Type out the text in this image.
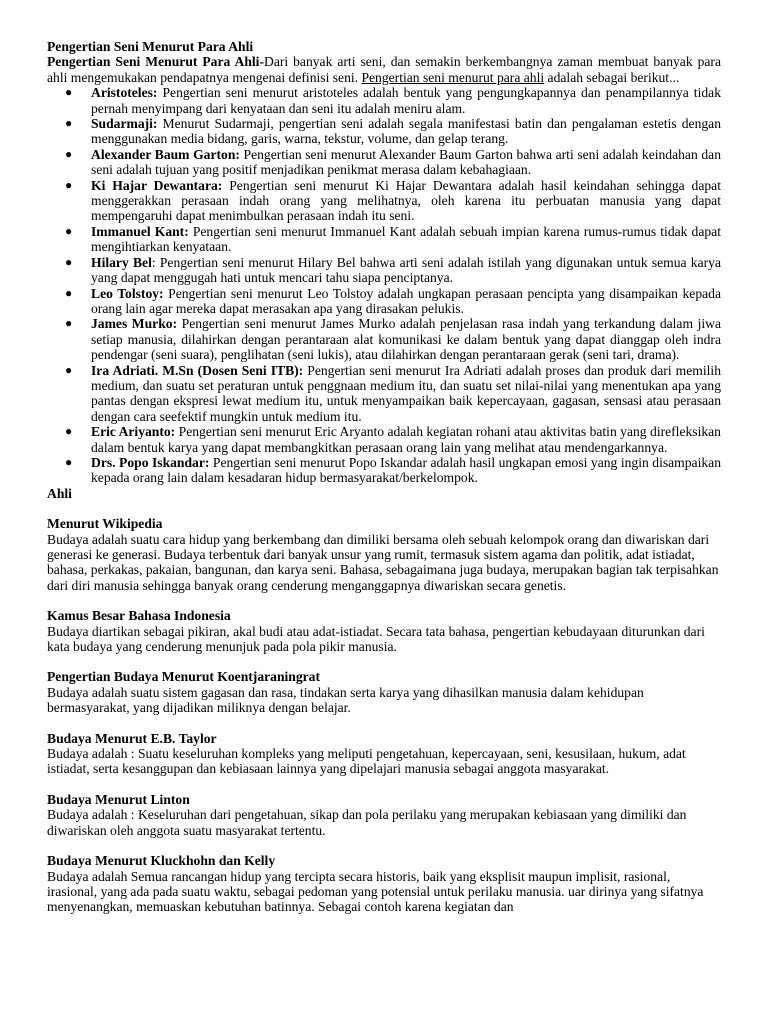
Pengertian Seni Menurut Para Ahli

Pengertian Seni Menurut Para Ahli-Dari banyak arti seni, dan semakin berkembangnya zaman membuat banyak para ahli mengemukakan pendapatnya mengenai definisi seni. Pengertian seni menurut para ahli adalah sebagai berikut...

● Aristoteles: Pengertian seni menurut aristoteles adalah bentuk yang pengungkapannya dan penampilannya tidak pernah menyimpang dari kenyataan dan seni itu adalah meniru alam.
● Sudarmaji: Menurut Sudarmaji, pengertian seni adalah segala manifestasi batin dan pengalaman estetis dengan menggunakan media bidang, garis, warna, tekstur, volume, dan gelap terang.
● Alexander Baum Garton: Pengertian seni menurut Alexander Baum Garton bahwa arti seni adalah keindahan dan seni adalah tujuan yang positif menjadikan penikmat merasa dalam kebahagiaan.
● Ki Hajar Dewantara: Pengertian seni menurut Ki Hajar Dewantara adalah hasil keindahan sehingga dapat menggerakkan perasaan indah orang yang melihatnya, oleh karena itu perbuatan manusia yang dapat mempengaruhi dapat menimbulkan perasaan indah itu seni.
● Immanuel Kant: Pengertian seni menurut Immanuel Kant adalah sebuah impian karena rumus-rumus tidak dapat mengihtiarkan kenyataan.
● Hilary Bel: Pengertian seni menurut Hilary Bel bahwa arti seni adalah istilah yang digunakan untuk semua karya yang dapat menggugah hati untuk mencari tahu siapa penciptanya.
● Leo Tolstoy: Pengertian seni menurut Leo Tolstoy adalah ungkapan perasaan pencipta yang disampaikan kepada orang lain agar mereka dapat merasakan apa yang dirasakan pelukis.
● James Murko: Pengertian seni menurut James Murko adalah penjelasan rasa indah yang terkandung dalam jiwa setiap manusia, dilahirkan dengan perantaraan alat komunikasi ke dalam bentuk yang dapat dianggap oleh indra pendengar (seni suara), penglihatan (seni lukis), atau dilahirkan dengan perantaraan gerak (seni tari, drama).
● Ira Adriati. M.Sn (Dosen Seni ITB): Pengertian seni menurut Ira Adriati adalah proses dan produk dari memilih medium, dan suatu set peraturan untuk penggnaan medium itu, dan suatu set nilai-nilai yang menentukan apa yang pantas dengan ekspresi lewat medium itu, untuk menyampaikan baik kepercayaan, gagasan, sensasi atau perasaan dengan cara seefektif mungkin untuk medium itu.
● Eric Ariyanto: Pengertian seni menurut Eric Aryanto adalah kegiatan rohani atau aktivitas batin yang direfleksikan dalam bentuk karya yang dapat membangkitkan perasaan orang lain yang melihat atau mendengarkannya.
● Drs. Popo Iskandar: Pengertian seni menurut Popo Iskandar adalah hasil ungkapan emosi yang ingin disampaikan kepada orang lain dalam kesadaran hidup bermasyarakat/berkelompok.

Ahli

Menurut Wikipedia

Budaya adalah suatu cara hidup yang berkembang dan dimiliki bersama oleh sebuah kelompok orang dan diwariskan dari generasi ke generasi. Budaya terbentuk dari banyak unsur yang rumit, termasuk sistem agama dan politik, adat istiadat, bahasa, perkakas, pakaian, bangunan, dan karya seni. Bahasa, sebagaimana juga budaya, merupakan bagian tak terpisahkan dari diri manusia sehingga banyak orang cenderung menganggapnya diwariskan secara genetis.

Kamus Besar Bahasa Indonesia

Budaya diartikan sebagai pikiran, akal budi atau adat-istiadat. Secara tata bahasa, pengertian kebudayaan diturunkan dari kata budaya yang cenderung menunjuk pada pola pikir manusia.

Pengertian Budaya Menurut Koentjaraningrat

Budaya adalah suatu sistem gagasan dan rasa, tindakan serta karya yang dihasilkan manusia dalam kehidupan bermasyarakat, yang dijadikan miliknya dengan belajar.

Budaya Menurut E.B. Taylor

Budaya adalah : Suatu keseluruhan kompleks yang meliputi pengetahuan, kepercayaan, seni, kesusilaan, hukum, adat istiadat, serta kesanggupan dan kebiasaan lainnya yang dipelajari manusia sebagai anggota masyarakat.

Budaya Menurut Linton

Budaya adalah : Keseluruhan dari pengetahuan, sikap dan pola perilaku yang merupakan kebiasaan yang dimiliki dan diwariskan oleh anggota suatu masyarakat tertentu.

Budaya Menurut Kluckhohn dan Kelly

Budaya adalah Semua rancangan hidup yang tercipta secara historis, baik yang eksplisit maupun implisit, rasional, irasional, yang ada pada suatu waktu, sebagai pedoman yang potensial untuk perilaku manusia. uar dirinya yang sifatnya menyenangkan, memuaskan kebutuhan batinnya. Sebagai contoh karena kegiatan dan
